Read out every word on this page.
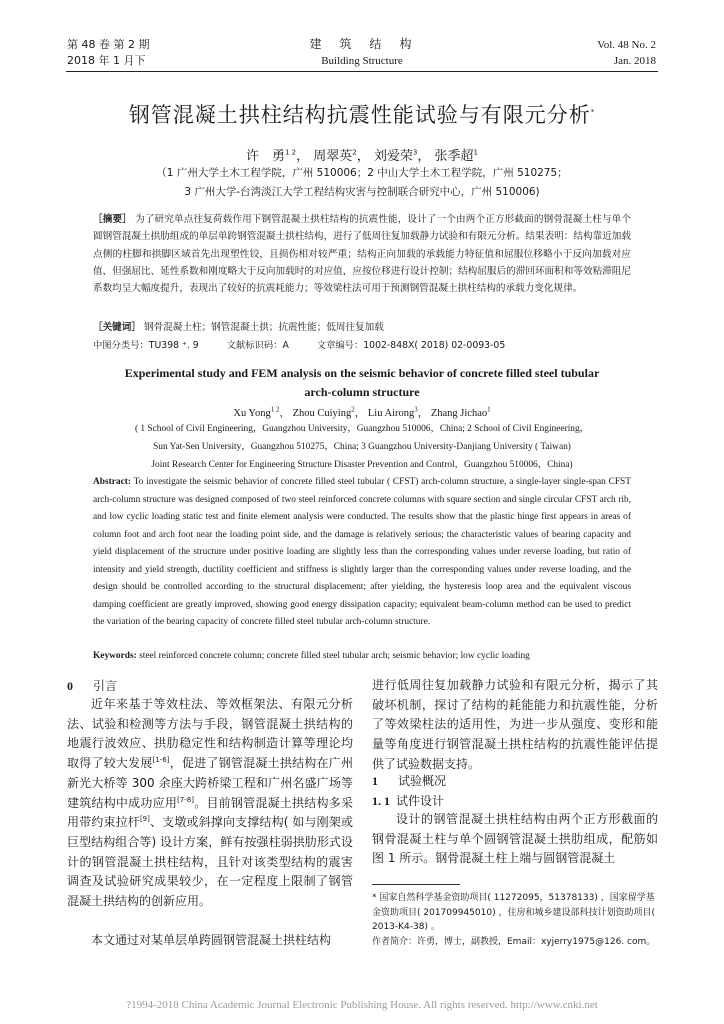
第 48 卷 第 2 期
2018 年 1 月下
建　筑　结　构
Building Structure
Vol. 48 No. 2
Jan. 2018
钢管混凝土拱柱结构抗震性能试验与有限元分析*
许　勇$^{1 2}$， 周翠英$^2$， 刘爱荣$^3$， 张季超$^1$
（1 广州大学土木工程学院，广州 510006；2 中山大学土木工程学院，广州 510275；
3 广州大学-台湾淡江大学工程结构灾害与控制联合研究中心，广州 510006)
［摘要］ 为了研究单点往复荷载作用下钢管混凝土拱柱结构的抗震性能，设计了一个由两个正方形截面的钢骨混凝土柱与单个圆钢管混凝土拱肋组成的单层单跨钢管混凝土拱柱结构，进行了低周往复加载静力试验和有限元分析。结果表明：结构靠近加载点侧的柱脚和拱脚区域首先出现塑性铰，且损伤相对较严重；结构正向加载的承载能力特征值和屈服位移略小于反向加载对应值，但强屈比、延性系数和刚度略大于反向加载时的对应值，应按位移进行设计控制；结构屈服后的滞回环面积和等效粘滞阻尼系数均呈大幅度提升，表现出了较好的抗震耗能力；等效梁柱法可用于预测钢管混凝土拱柱结构的承载力变化规律。
［关键词］ 钢骨混凝土柱；钢管混凝土拱；抗震性能；低周往复加载
中图分类号：TU398 ⁺. 9	文献标识码：A	文章编号：1002-848X( 2018) 02-0093-05
Experimental study and FEM analysis on the seismic behavior of concrete filled steel tubular
arch-column structure
Xu Yong$^{1 2}$， Zhou Cuiying$^2$， Liu Airong$^3$， Zhang Jichao$^1$
( 1 School of Civil Engineering，Guangzhou University，Guangzhou 510006，China; 2 School of Civil Engineering，
Sun Yat-Sen University，Guangzhou 510275，China; 3 Guangzhou University-Danjiang University ( Taiwan)
Joint Research Center for Engineering Structure Disaster Prevention and Control，Guangzhou 510006，China)
Abstract: To investigate the seismic behavior of concrete filled steel tubular ( CFST) arch-column structure, a single-layer single-span CFST arch-column structure was designed composed of two steel reinforced concrete columns with square section and single circular CFST arch rib, and low cyclic loading static test and finite element analysis were conducted. The results show that the plastic hinge first appears in areas of column foot and arch foot near the loading point side, and the damage is relatively serious; the characteristic values of bearing capacity and yield displacement of the structure under positive loading are slightly less than the corresponding values under reverse loading, but ratio of intensity and yield strength, ductility coefficient and stiffness is slightly larger than the corresponding values under reverse loading, and the design should be controlled according to the structural displacement; after yielding, the hysteresis loop area and the equivalent viscous damping coefficient are greatly improved, showing good energy dissipation capacity; equivalent beam-column method can be used to predict the variation of the bearing capacity of concrete filled steel tubular arch-column structure.
Keywords: steel reinforced concrete column; concrete filled steel tubular arch; seismic behavior; low cyclic loading
0 引言
近年来基于等效柱法、等效框架法、有限元分析法、试验和检测等方法与手段，钢管混凝土拱结构的地震行波效应、拱肋稳定性和结构制造计算等理论均取得了较大发展[1-6]，促进了钢管混凝土拱结构在广州新光大桥等 300 余座大跨桥梁工程和广州名盛广场等建筑结构中成功应用[7-8]。目前钢管混凝土拱结构多采用带约束拉杆[9]、支墩或斜撑向支撑结构( 如与刚架或巨型结构组合等) 设计方案，鲜有按强柱弱拱肋形式设计的钢管混凝土拱柱结构，且针对该类型结构的震害调查及试验研究成果较少，在一定程度上限制了钢管混凝土拱结构的创新应用。
本文通过对某单层单跨圆钢管混凝土拱柱结构
进行低周往复加载静力试验和有限元分析，揭示了其破坏机制，探讨了结构的耗能能力和抗震性能，分析了等效梁柱法的适用性，为进一步从强度、变形和能量等角度进行钢管混凝土拱柱结构的抗震性能评估提供了试验数据支持。
1 试验概况
1. 1 试件设计
设计的钢管混凝土拱柱结构由两个正方形截面的钢骨混凝土柱与单个圆钢管混凝土拱肋组成，配筋如图 1 所示。钢骨混凝土柱上端与圆钢管混凝土
* 国家自然科学基金资助项目( 11272095，51378133) ，国家留学基金资助项目( 201709945010) ，住房和城乡建设部科技计划资助项目( 2013-K4-38) 。
作者简介：许勇，博士，副教授，Email：xyjerry1975@126. com。
?1994-2018 China Academic Journal Electronic Publishing House. All rights reserved. http://www.cnki.net
